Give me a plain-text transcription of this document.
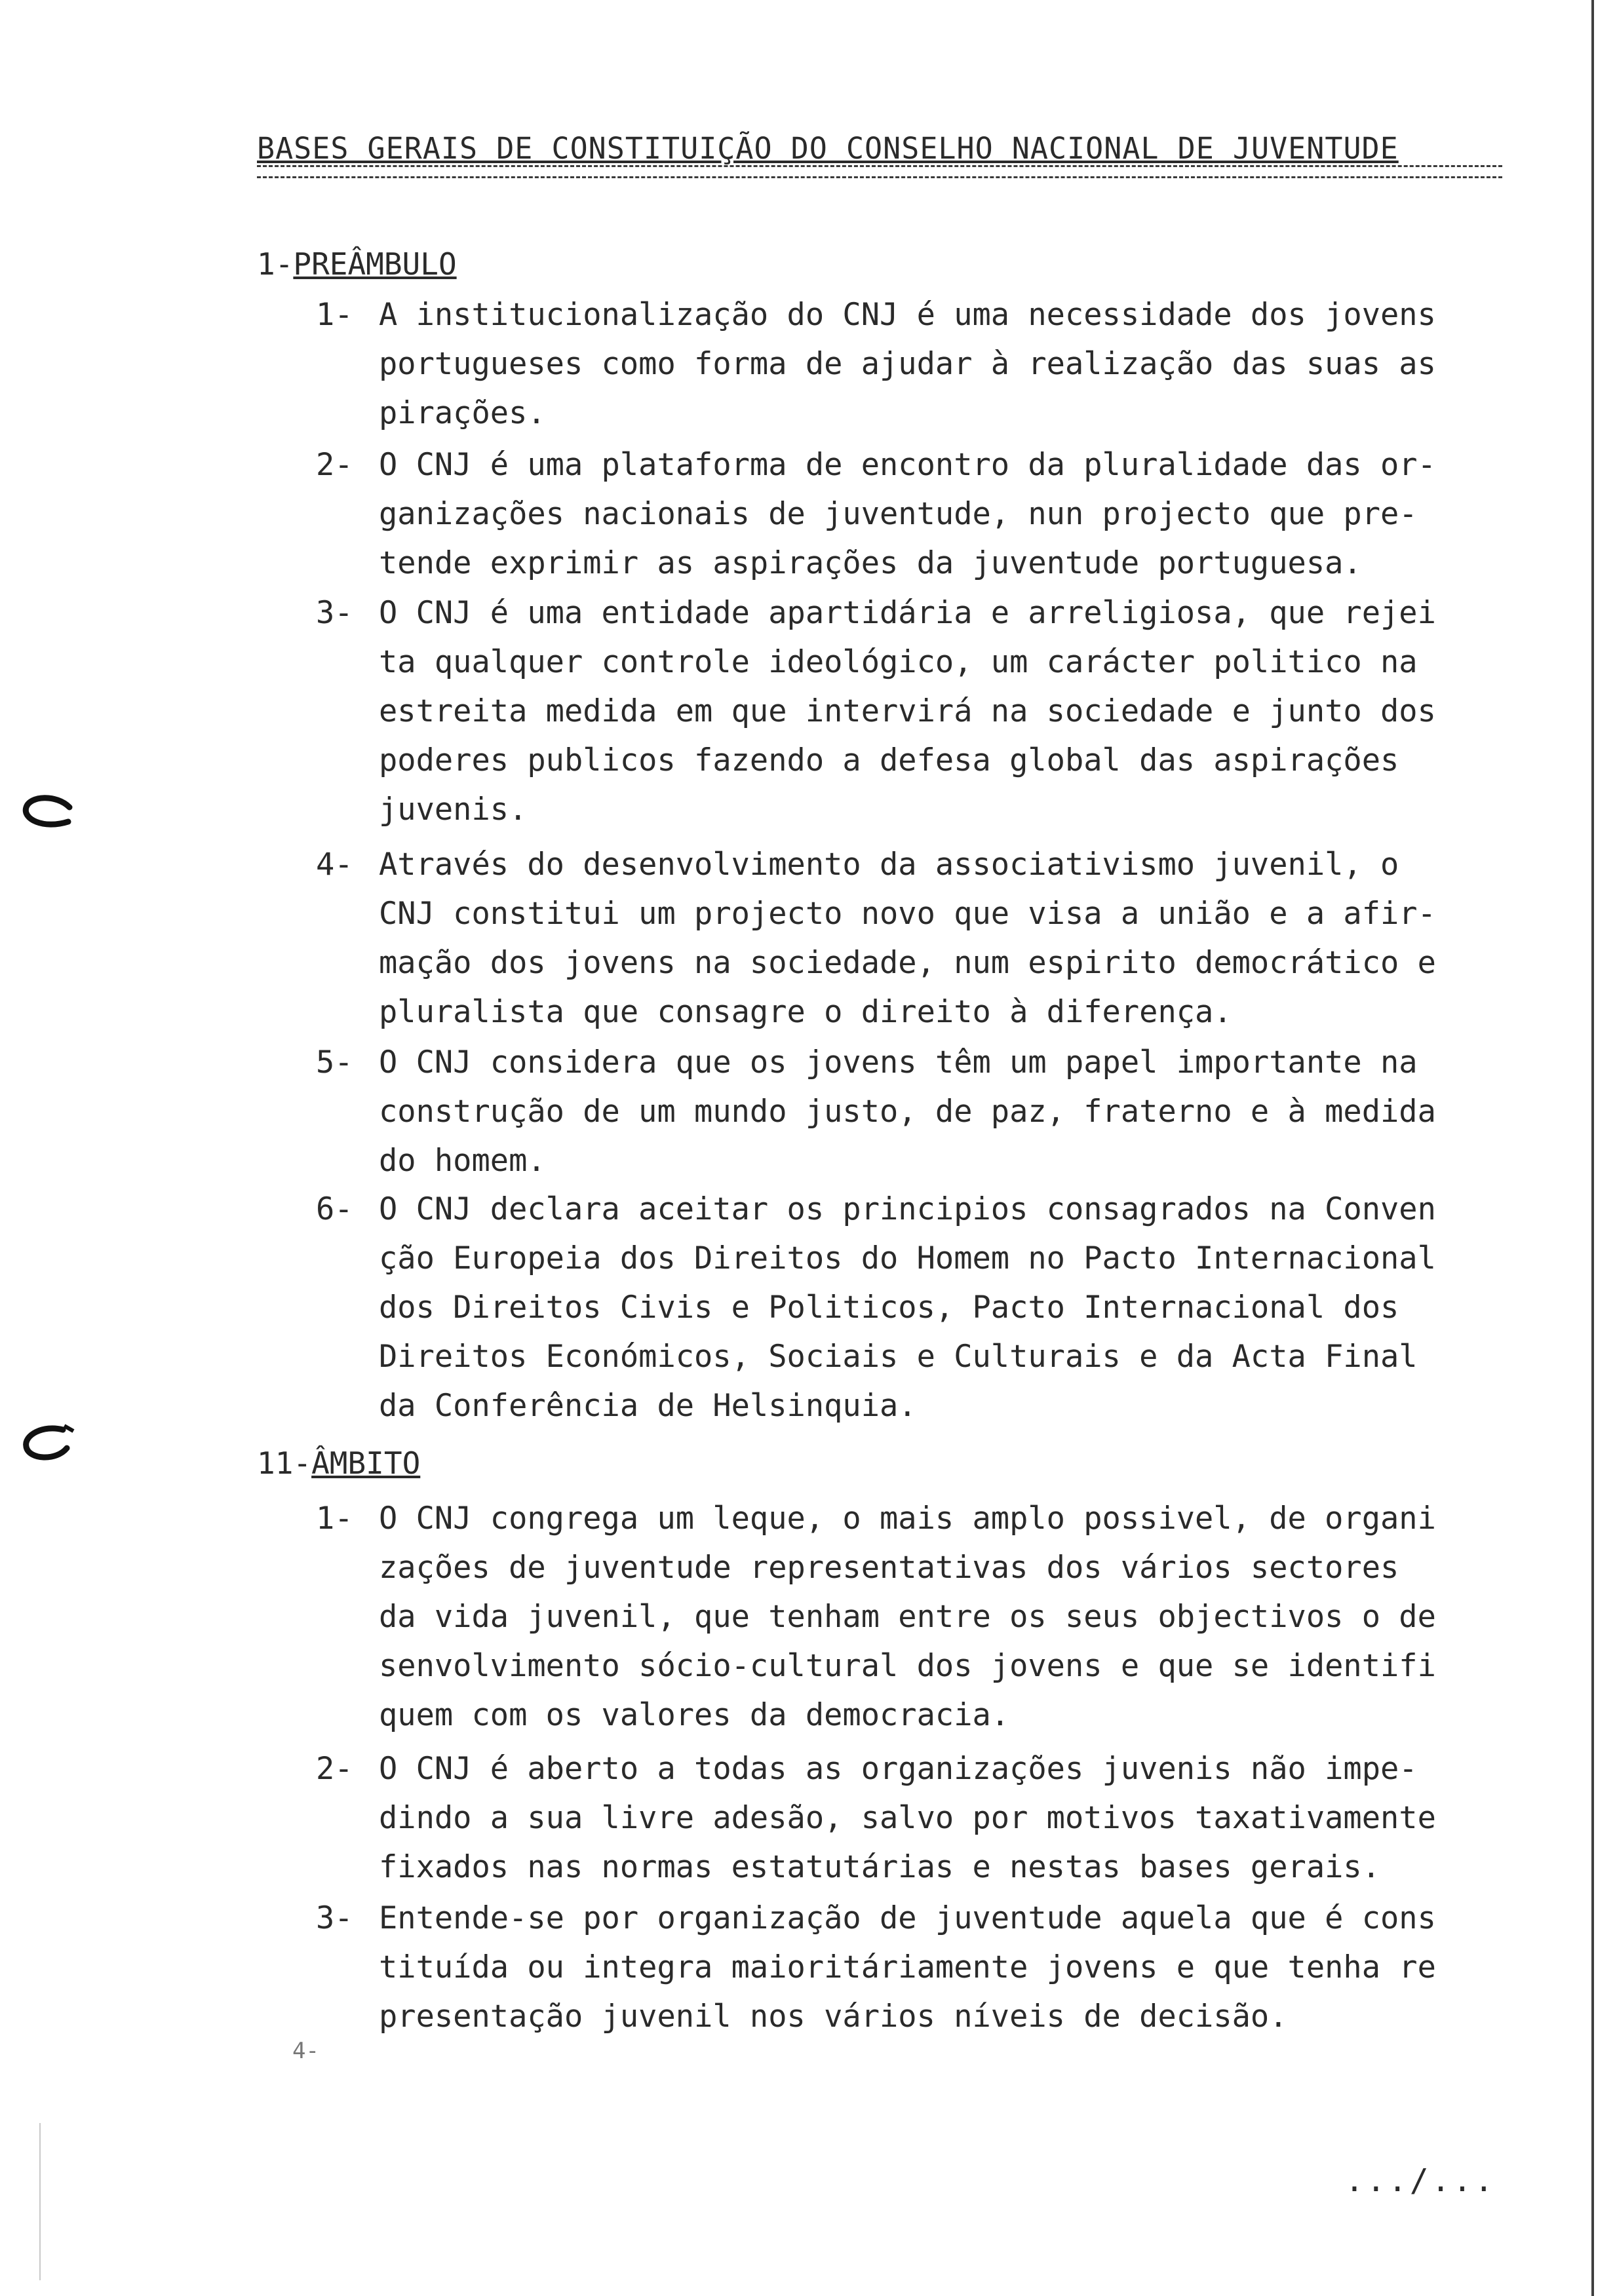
BASES GERAIS DE CONSTITUIÇÃO DO CONSELHO NACIONAL DE JUVENTUDE
1-PREÂMBULO
1- A institucionalização do CNJ é uma necessidade dos jovens
portugueses como forma de ajudar à realização das suas as
pirações.
2- O CNJ é uma plataforma de encontro da pluralidade das or-
ganizações nacionais de juventude, nun projecto que pre-
tende exprimir as aspirações da juventude portuguesa.
3- O CNJ é uma entidade apartidária e arreligiosa, que rejei
ta qualquer controle ideológico, um carácter politico na
estreita medida em que intervirá na sociedade e junto dos
poderes publicos fazendo a defesa global das aspirações
juvenis.
4- Através do desenvolvimento da associativismo juvenil, o
CNJ constitui um projecto novo que visa a união e a afir-
mação dos jovens na sociedade, num espirito democrático e
pluralista que consagre o direito à diferença.
5- O CNJ considera que os jovens têm um papel importante na
construção de um mundo justo, de paz, fraterno e à medida
do homem.
6- O CNJ declara aceitar os principios consagrados na Conven
ção Europeia dos Direitos do Homem no Pacto Internacional
dos Direitos Civis e Politicos, Pacto Internacional dos
Direitos Económicos, Sociais e Culturais e da Acta Final
da Conferência de Helsinquia.
11-ÂMBITO
1- O CNJ congrega um leque, o mais amplo possivel, de organi
zações de juventude representativas dos vários sectores
da vida juvenil, que tenham entre os seus objectivos o de
senvolvimento sócio-cultural dos jovens e que se identifi
quem com os valores da democracia.
2- O CNJ é aberto a todas as organizações juvenis não impe-
dindo a sua livre adesão, salvo por motivos taxativamente
fixados nas normas estatutárias e nestas bases gerais.
3- Entende-se por organização de juventude aquela que é cons
tituída ou integra maioritáriamente jovens e que tenha re
presentação juvenil nos vários níveis de decisão.
4-
.../...
